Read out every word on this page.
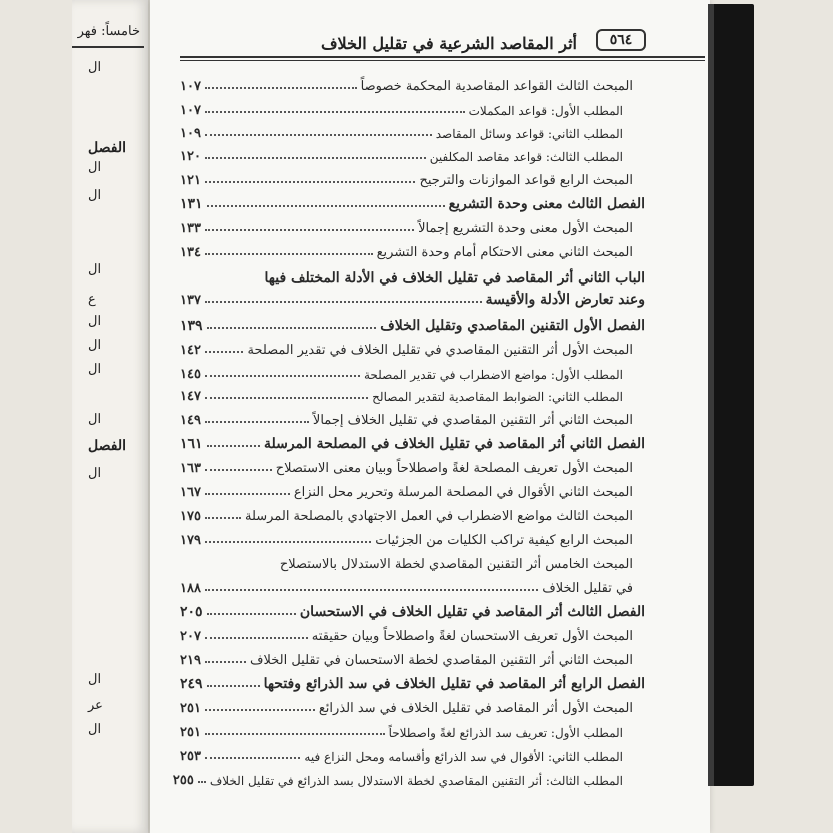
خامساً: فهر
ال
الفصل
ال
ال
ال
ع
ال
ال
ال
ال
الفصل
ال
ال
عر
ال
أثر المقاصد الشرعية في تقليل الخلاف ٥٦٤
المبحث الثالث القواعد المقاصدية المحكمة خصوصاً
١٠٧
المطلب الأول: قواعد المكملات
١٠٧
المطلب الثاني: قواعد وسائل المقاصد
١٠٩
المطلب الثالث: قواعد مقاصد المكلفين
١٢٠
المبحث الرابع قواعد الموازنات والترجيح
١٢١
الفصل الثالث معنى وحدة التشريع
١٣١
المبحث الأول معنى وحدة التشريع إجمالاً
١٣٣
المبحث الثاني معنى الاحتكام أمام وحدة التشريع
١٣٤
الباب الثاني أثر المقاصد في تقليل الخلاف في الأدلة المختلف فيها
وعند تعارض الأدلة والأقيسة
١٣٧
الفصل الأول التقنين المقاصدي وتقليل الخلاف
١٣٩
المبحث الأول أثر التقنين المقاصدي في تقليل الخلاف في تقدير المصلحة
١٤٢
المطلب الأول: مواضع الاضطراب في تقدير المصلحة
١٤٥
المطلب الثاني: الضوابط المقاصدية لتقدير المصالح
١٤٧
المبحث الثاني أثر التقنين المقاصدي في تقليل الخلاف إجمالاً
١٤٩
الفصل الثاني أثر المقاصد في تقليل الخلاف في المصلحة المرسلة
١٦١
المبحث الأول تعريف المصلحة لغةً واصطلاحاً وبيان معنى الاستصلاح
١٦٣
المبحث الثاني الأقوال في المصلحة المرسلة وتحرير محل النزاع
١٦٧
المبحث الثالث مواضع الاضطراب في العمل الاجتهادي بالمصلحة المرسلة
١٧٥
المبحث الرابع كيفية تراكب الكليات من الجزئيات
١٧٩
المبحث الخامس أثر التقنين المقاصدي لخطة الاستدلال بالاستصلاح
في تقليل الخلاف
١٨٨
الفصل الثالث أثر المقاصد في تقليل الخلاف في الاستحسان
٢٠٥
المبحث الأول تعريف الاستحسان لغةً واصطلاحاً وبيان حقيقته
٢٠٧
المبحث الثاني أثر التقنين المقاصدي لخطة الاستحسان في تقليل الخلاف
٢١٩
الفصل الرابع أثر المقاصد في تقليل الخلاف في سد الذرائع وفتحها
٢٤٩
المبحث الأول أثر المقاصد في تقليل الخلاف في سد الذرائع
٢٥١
المطلب الأول: تعريف سد الذرائع لغةً واصطلاحاً
٢٥١
المطلب الثاني: الأقوال في سد الذرائع وأقسامه ومحل النزاع فيه
٢٥٣
المطلب الثالث: أثر التقنين المقاصدي لخطة الاستدلال بسد الذرائع في تقليل الخلاف
٢٥٥
